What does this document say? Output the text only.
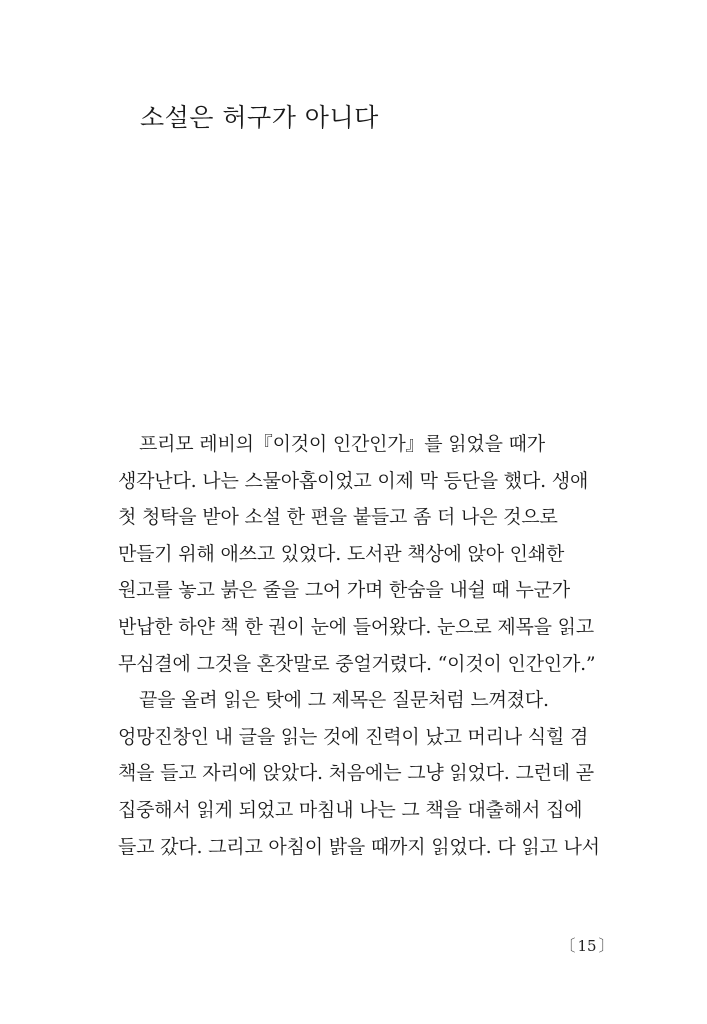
소설은 허구가 아니다

프리모 레비의『이것이 인간인가』를 읽었을 때가

생각난다. 나는 스물아홉이었고 이제 막 등단을 했다. 생애

첫 청탁을 받아 소설 한 편을 붙들고 좀 더 나은 것으로

만들기 위해 애쓰고 있었다. 도서관 책상에 앉아 인쇄한

원고를 놓고 붉은 줄을 그어 가며 한숨을 내쉴 때 누군가

반납한 하얀 책 한 권이 눈에 들어왔다. 눈으로 제목을 읽고

무심결에 그것을 혼잣말로 중얼거렸다. “이것이 인간인가.”

끝을 올려 읽은 탓에 그 제목은 질문처럼 느껴졌다.

엉망진창인 내 글을 읽는 것에 진력이 났고 머리나 식힐 겸

책을 들고 자리에 앉았다. 처음에는 그냥 읽었다. 그런데 곧

집중해서 읽게 되었고 마침내 나는 그 책을 대출해서 집에

들고 갔다. 그리고 아침이 밝을 때까지 읽었다. 다 읽고 나서

〔 15 〕
